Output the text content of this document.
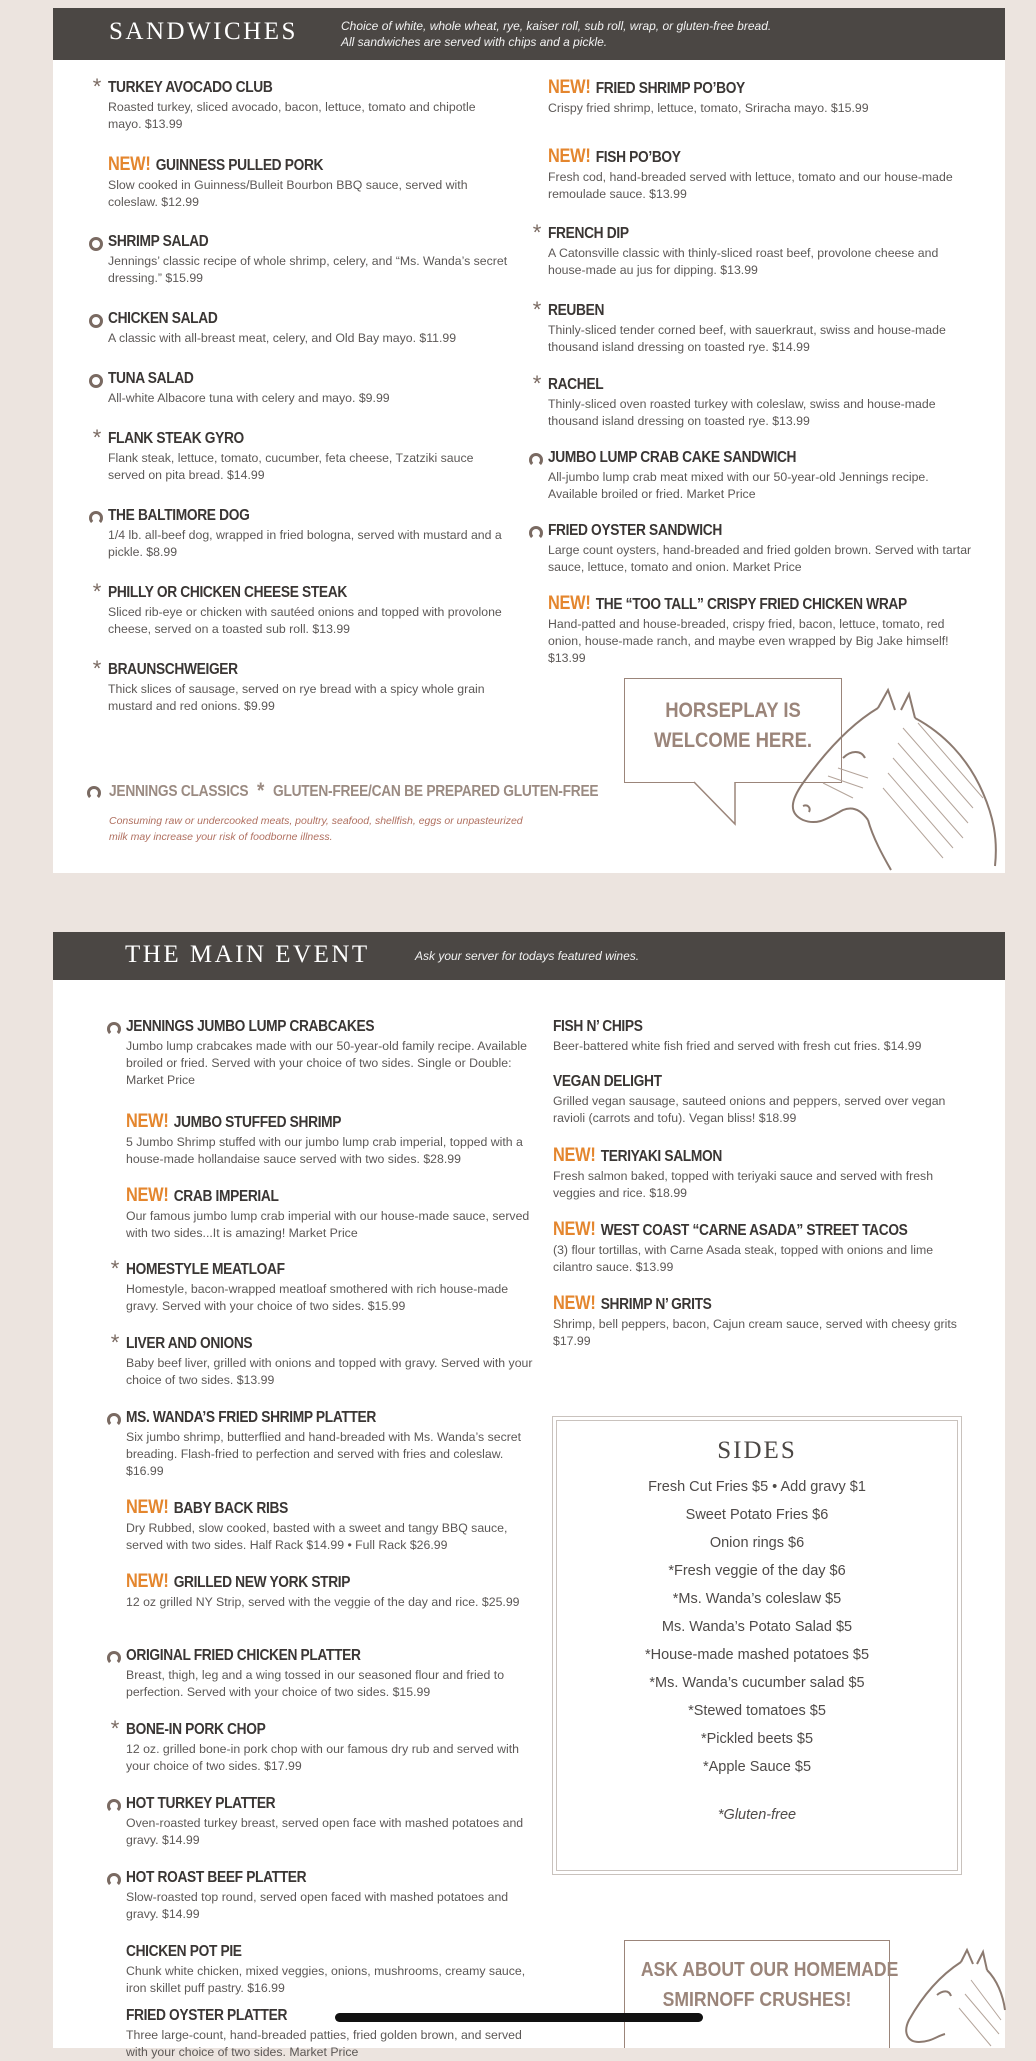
SANDWICHES	Choice of white, whole wheat, rye, kaiser roll, sub roll, wrap, or gluten-free bread.
All sandwiches are served with chips and a pickle.
* TURKEY AVOCADO CLUB
Roasted turkey, sliced avocado, bacon, lettuce, tomato and chipotle mayo. $13.99
NEW! GUINNESS PULLED PORK
Slow cooked in Guinness/Bulleit Bourbon BBQ sauce, served with coleslaw. $12.99
SHRIMP SALAD
Jennings’ classic recipe of whole shrimp, celery, and “Ms. Wanda’s secret dressing.” $15.99
CHICKEN SALAD
A classic with all-breast meat, celery, and Old Bay mayo. $11.99
TUNA SALAD
All-white Albacore tuna with celery and mayo. $9.99
* FLANK STEAK GYRO
Flank steak, lettuce, tomato, cucumber, feta cheese, Tzatziki sauce served on pita bread. $14.99
THE BALTIMORE DOG
1/4 lb. all-beef dog, wrapped in fried bologna, served with mustard and a pickle. $8.99
* PHILLY OR CHICKEN CHEESE STEAK
Sliced rib-eye or chicken with sautéed onions and topped with provolone cheese, served on a toasted sub roll. $13.99
* BRAUNSCHWEIGER
Thick slices of sausage, served on rye bread with a spicy whole grain mustard and red onions. $9.99
NEW! FRIED SHRIMP PO’BOY
Crispy fried shrimp, lettuce, tomato, Sriracha mayo. $15.99
NEW! FISH PO’BOY
Fresh cod, hand-breaded served with lettuce, tomato and our house-made remoulade sauce. $13.99
* FRENCH DIP
A Catonsville classic with thinly-sliced roast beef, provolone cheese and house-made au jus for dipping. $13.99
* REUBEN
Thinly-sliced tender corned beef, with sauerkraut, swiss and house-made thousand island dressing on toasted rye. $14.99
* RACHEL
Thinly-sliced oven roasted turkey with coleslaw, swiss and house-made thousand island dressing on toasted rye. $13.99
JUMBO LUMP CRAB CAKE SANDWICH
All-jumbo lump crab meat mixed with our 50-year-old Jennings recipe. Available broiled or fried. Market Price
FRIED OYSTER SANDWICH
Large count oysters, hand-breaded and fried golden brown. Served with tartar sauce, lettuce, tomato and onion. Market Price
NEW! THE “TOO TALL” CRISPY FRIED CHICKEN WRAP
Hand-patted and house-breaded, crispy fried, bacon, lettuce, tomato, red onion, house-made ranch, and maybe even wrapped by Big Jake himself! $13.99
HORSEPLAY IS
WELCOME HERE.
JENNINGS CLASSICS * GLUTEN-FREE/CAN BE PREPARED GLUTEN-FREE
Consuming raw or undercooked meats, poultry, seafood, shellfish, eggs or unpasteurized
milk may increase your risk of foodborne illness.
THE MAIN EVENT	Ask your server for todays featured wines.
JENNINGS JUMBO LUMP CRABCAKES
Jumbo lump crabcakes made with our 50-year-old family recipe. Available broiled or fried. Served with your choice of two sides. Single or Double: Market Price
NEW! JUMBO STUFFED SHRIMP
5 Jumbo Shrimp stuffed with our jumbo lump crab imperial, topped with a house-made hollandaise sauce served with two sides. $28.99
NEW! CRAB IMPERIAL
Our famous jumbo lump crab imperial with our house-made sauce, served with two sides...It is amazing! Market Price
* HOMESTYLE MEATLOAF
Homestyle, bacon-wrapped meatloaf smothered with rich house-made gravy. Served with your choice of two sides. $15.99
* LIVER AND ONIONS
Baby beef liver, grilled with onions and topped with gravy. Served with your choice of two sides. $13.99
MS. WANDA’S FRIED SHRIMP PLATTER
Six jumbo shrimp, butterflied and hand-breaded with Ms. Wanda’s secret breading. Flash-fried to perfection and served with fries and coleslaw. $16.99
NEW! BABY BACK RIBS
Dry Rubbed, slow cooked, basted with a sweet and tangy BBQ sauce, served with two sides. Half Rack $14.99 • Full Rack $26.99
NEW! GRILLED NEW YORK STRIP
12 oz grilled NY Strip, served with the veggie of the day and rice. $25.99
ORIGINAL FRIED CHICKEN PLATTER
Breast, thigh, leg and a wing tossed in our seasoned flour and fried to perfection. Served with your choice of two sides. $15.99
* BONE-IN PORK CHOP
12 oz. grilled bone-in pork chop with our famous dry rub and served with your choice of two sides. $17.99
HOT TURKEY PLATTER
Oven-roasted turkey breast, served open face with mashed potatoes and gravy. $14.99
HOT ROAST BEEF PLATTER
Slow-roasted top round, served open faced with mashed potatoes and gravy. $14.99
CHICKEN POT PIE
Chunk white chicken, mixed veggies, onions, mushrooms, creamy sauce, iron skillet puff pastry. $16.99
FRIED OYSTER PLATTER
Three large-count, hand-breaded patties, fried golden brown, and served with your choice of two sides. Market Price
FISH N’ CHIPS
Beer-battered white fish fried and served with fresh cut fries. $14.99
VEGAN DELIGHT
Grilled vegan sausage, sauteed onions and peppers, served over vegan ravioli (carrots and tofu). Vegan bliss! $18.99
NEW! TERIYAKI SALMON
Fresh salmon baked, topped with teriyaki sauce and served with fresh veggies and rice. $18.99
NEW! WEST COAST “CARNE ASADA” STREET TACOS
(3) flour tortillas, with Carne Asada steak, topped with onions and lime cilantro sauce. $13.99
NEW! SHRIMP N’ GRITS
Shrimp, bell peppers, bacon, Cajun cream sauce, served with cheesy grits $17.99
SIDES
Fresh Cut Fries $5 • Add gravy $1
Sweet Potato Fries $6
Onion rings $6
*Fresh veggie of the day $6
*Ms. Wanda’s coleslaw $5
Ms. Wanda’s Potato Salad $5
*House-made mashed potatoes $5
*Ms. Wanda’s cucumber salad $5
*Stewed tomatoes $5
*Pickled beets $5
*Apple Sauce $5
*Gluten-free
ASK ABOUT OUR HOMEMADE
SMIRNOFF CRUSHES!
